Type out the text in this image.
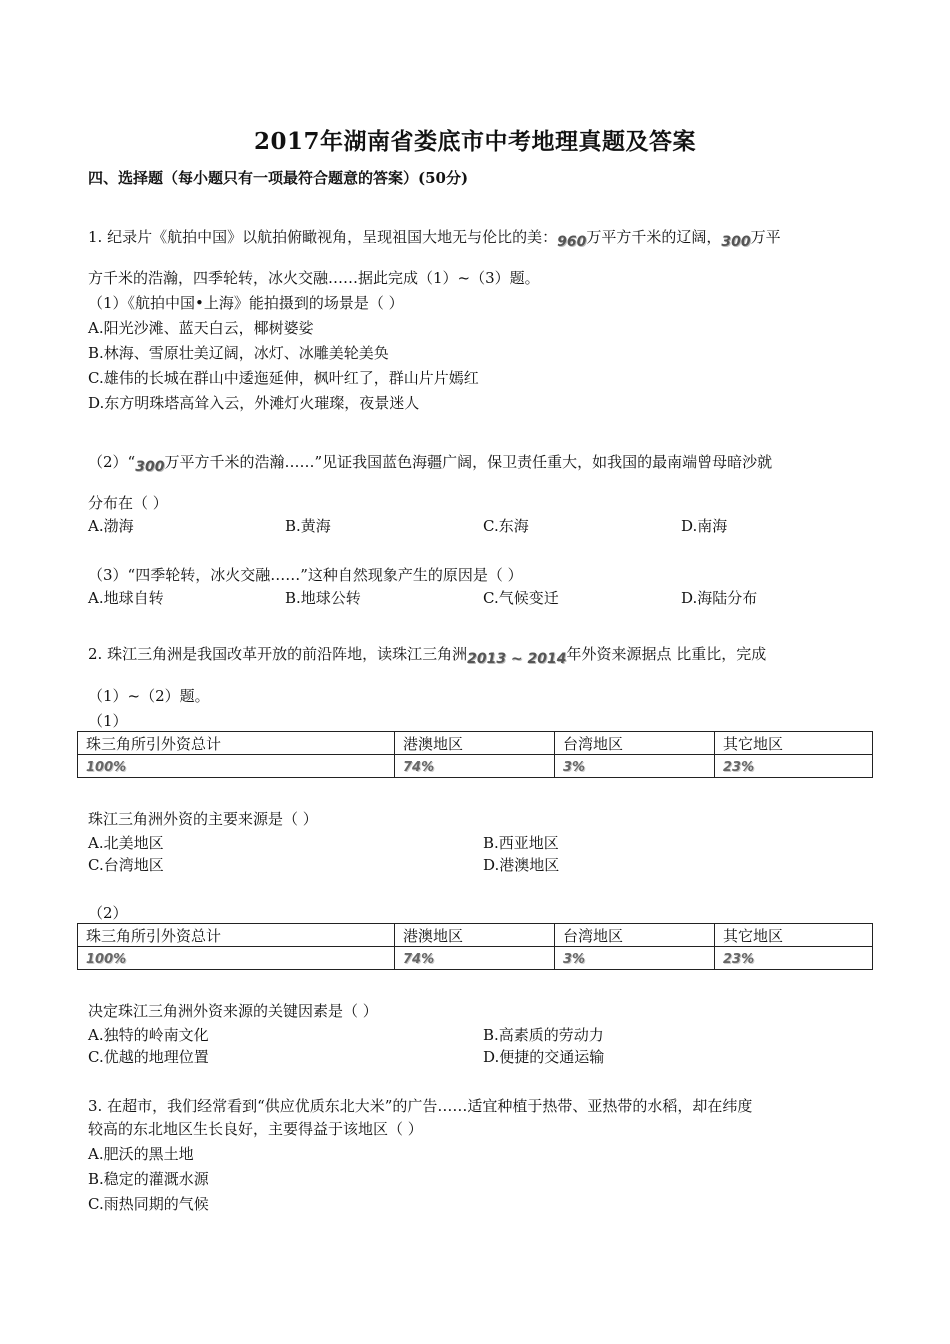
2017年湖南省娄底市中考地理真题及答案
四、选择题（每小题只有一项最符合题意的答案）(50分)
1. 纪录片《航拍中国》以航拍俯瞰视角，呈现祖国大地无与伦比的美：960万平方千米的辽阔，300万平
方千米的浩瀚，四季轮转，冰火交融……据此完成（1）~（3）题。
（1）《航拍中国•上海》能拍摄到的场景是（ ）
A.阳光沙滩、蓝天白云，椰树婆娑
B.林海、雪原壮美辽阔，冰灯、冰雕美轮美奂
C.雄伟的长城在群山中逶迤延伸，枫叶红了，群山片片嫣红
D.东方明珠塔高耸入云，外滩灯火璀璨，夜景迷人
（2）“300万平方千米的浩瀚……”见证我国蓝色海疆广阔，保卫责任重大，如我国的最南端曾母暗沙就
分布在（ ）
A.渤海	B.黄海	C.东海	D.南海
（3）“四季轮转，冰火交融……”这种自然现象产生的原因是（ ）
A.地球自转	B.地球公转	C.气候变迁	D.海陆分布
2. 珠江三角洲是我国改革开放的前沿阵地，读珠江三角洲2013 ~ 2014年外资来源据点 比重比，完成
（1）~（2）题。
（1）
珠三角所引外资总计	港澳地区	台湾地区	其它地区
100%	74%	3%	23%
珠江三角洲外资的主要来源是（ ）
A.北美地区	B.西亚地区
C.台湾地区	D.港澳地区
（2）
珠三角所引外资总计	港澳地区	台湾地区	其它地区
100%	74%	3%	23%
决定珠江三角洲外资来源的关键因素是（ ）
A.独特的岭南文化	B.高素质的劳动力
C.优越的地理位置	D.便捷的交通运输
3. 在超市，我们经常看到“供应优质东北大米”的广告……适宜种植于热带、亚热带的水稻，却在纬度
较高的东北地区生长良好，主要得益于该地区（ ）
A.肥沃的黑土地
B.稳定的灌溉水源
C.雨热同期的气候
